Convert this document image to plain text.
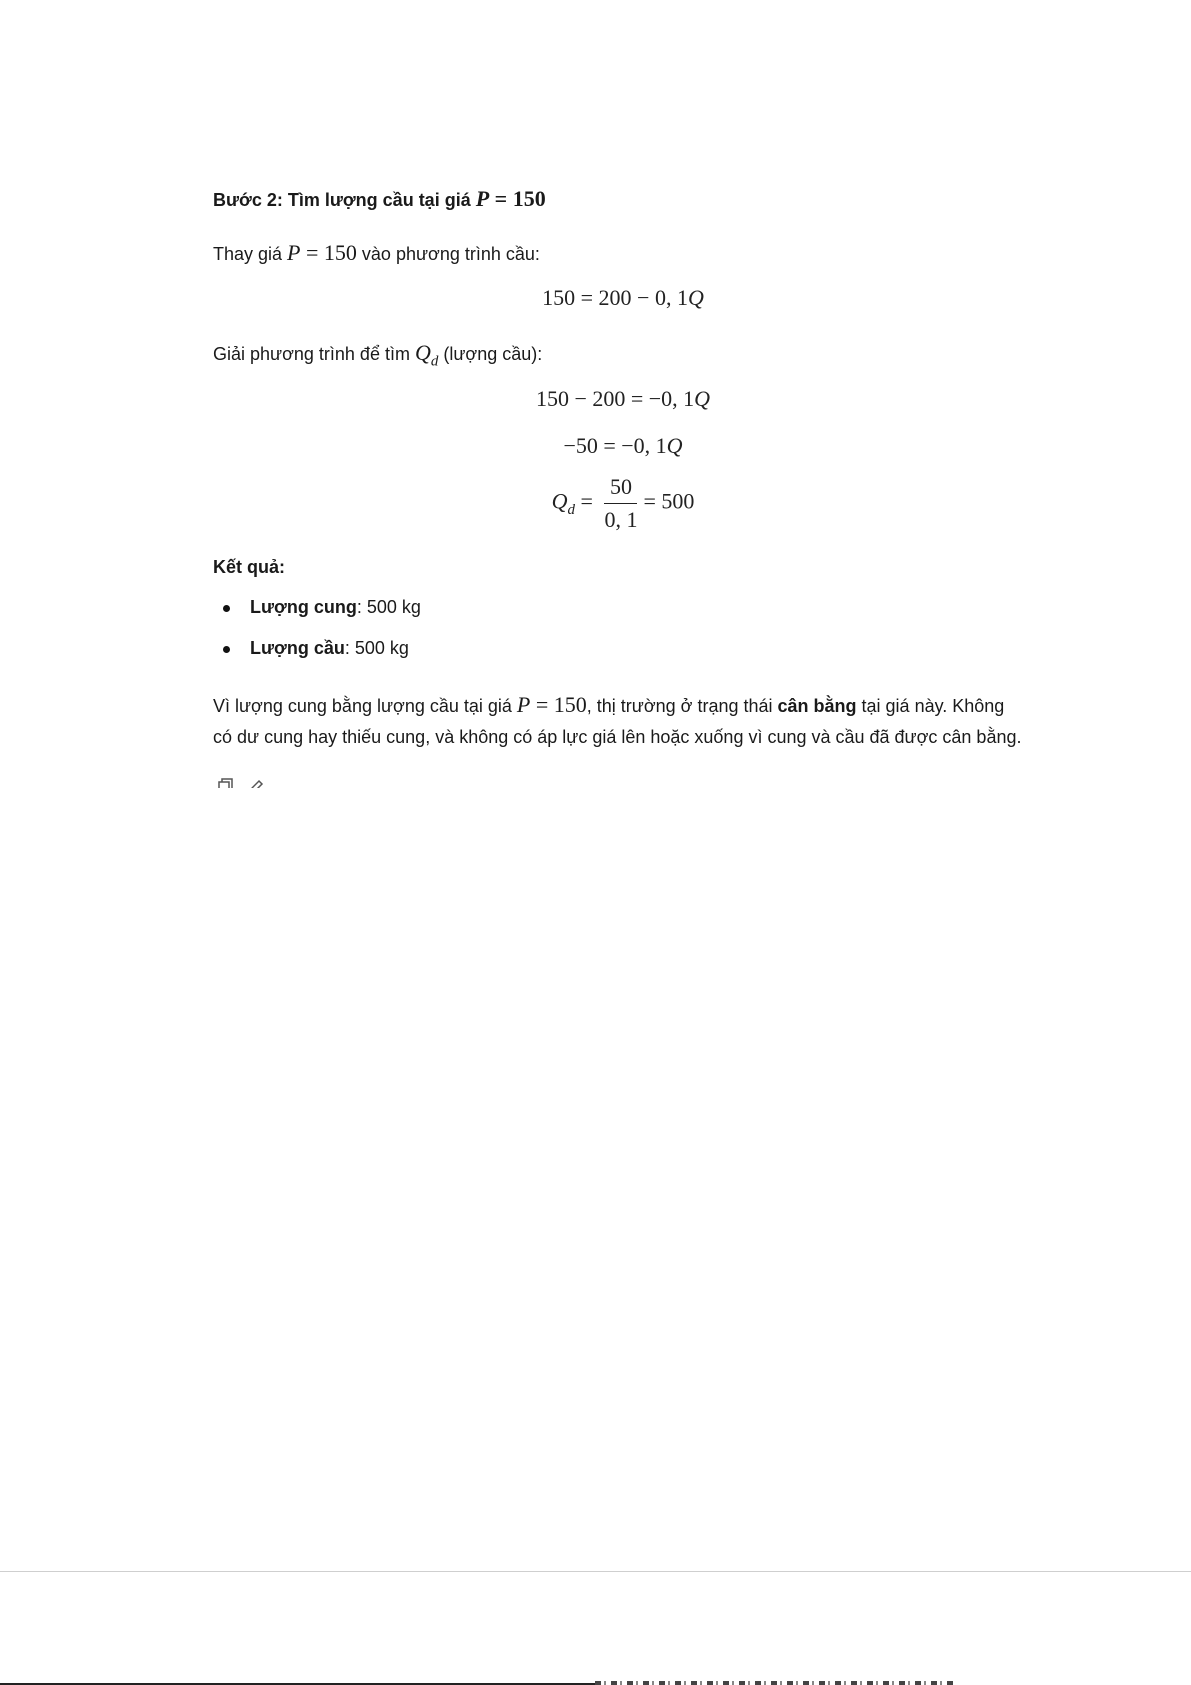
Bước 2: Tìm lượng cầu tại giá P = 150
Thay giá P = 150 vào phương trình cầu:
150 = 200 − 0, 1Q
Giải phương trình để tìm $Q_d$ (lượng cầu):
150 − 200 = −0, 1Q
−50 = −0, 1Q
$Q_d = \frac{50}{0, 1} = 500$
Kết quả:
Lượng cung: 500 kg
Lượng cầu: 500 kg
Vì lượng cung bằng lượng cầu tại giá P = 150, thị trường ở trạng thái cân bằng tại giá này. Không
có dư cung hay thiếu cung, và không có áp lực giá lên hoặc xuống vì cung và cầu đã được cân bằng.
